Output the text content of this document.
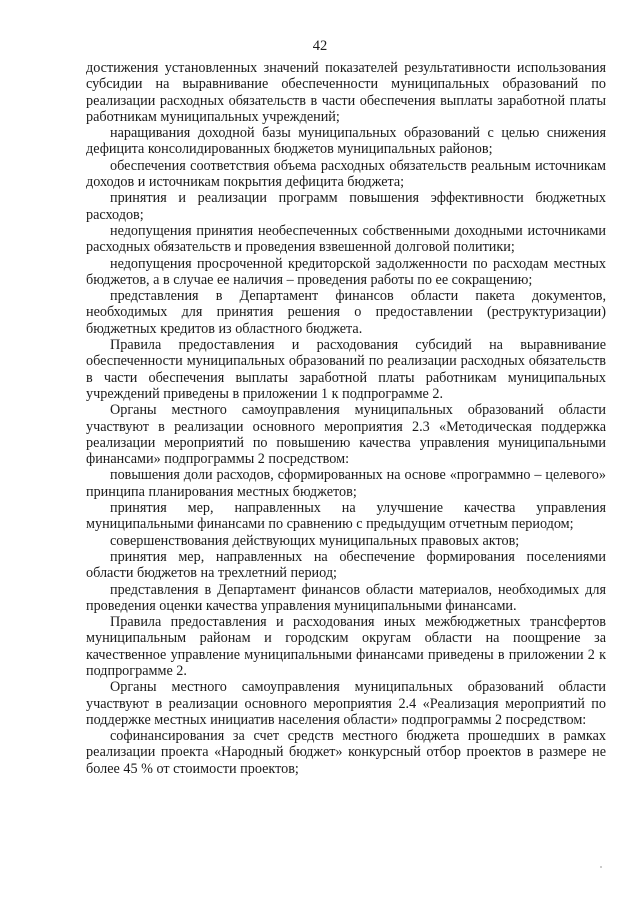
42

достижения установленных значений показателей результативности использования субсидии на выравнивание обеспеченности муниципальных образований по реализации расходных обязательств в части обеспечения выплаты заработной платы работникам муниципальных учреждений;

наращивания доходной базы муниципальных образований с целью снижения дефицита консолидированных бюджетов муниципальных районов;

обеспечения соответствия объема расходных обязательств реальным источникам доходов и источникам покрытия дефицита бюджета;

принятия и реализации программ повышения эффективности бюджетных расходов;

недопущения принятия необеспеченных собственными доходными источниками расходных обязательств и проведения взвешенной долговой политики;

недопущения просроченной кредиторской задолженности по расходам местных бюджетов, а в случае ее наличия – проведения работы по ее сокращению;

представления в Департамент финансов области пакета документов, необходимых для принятия решения о предоставлении (реструктуризации) бюджетных кредитов из областного бюджета.

Правила предоставления и расходования субсидий на выравнивание обеспеченности муниципальных образований по реализации расходных обязательств в части обеспечения выплаты заработной платы работникам муниципальных учреждений приведены в приложении 1 к подпрограмме 2.

Органы местного самоуправления муниципальных образований области участвуют в реализации основного мероприятия 2.3 «Методическая поддержка реализации мероприятий по повышению качества управления муниципальными финансами» подпрограммы 2 посредством:

повышения доли расходов, сформированных на основе «программно – целевого» принципа планирования местных бюджетов;

принятия мер, направленных на улучшение качества управления муниципальными финансами по сравнению с предыдущим отчетным периодом;

совершенствования действующих муниципальных правовых актов;

принятия мер, направленных на обеспечение формирования поселениями области бюджетов на трехлетний период;

представления в Департамент финансов области материалов, необходимых для проведения оценки качества управления муниципальными финансами.

Правила предоставления и расходования иных межбюджетных трансфертов муниципальным районам и городским округам области на поощрение за качественное управление муниципальными финансами приведены в приложении 2 к подпрограмме 2.

Органы местного самоуправления муниципальных образований области участвуют в реализации основного мероприятия 2.4 «Реализация мероприятий по поддержке местных инициатив населения области» подпрограммы 2 посредством:

софинансирования за счет средств местного бюджета прошедших в рамках реализации проекта «Народный бюджет» конкурсный отбор проектов в размере не более 45 % от стоимости проектов;
